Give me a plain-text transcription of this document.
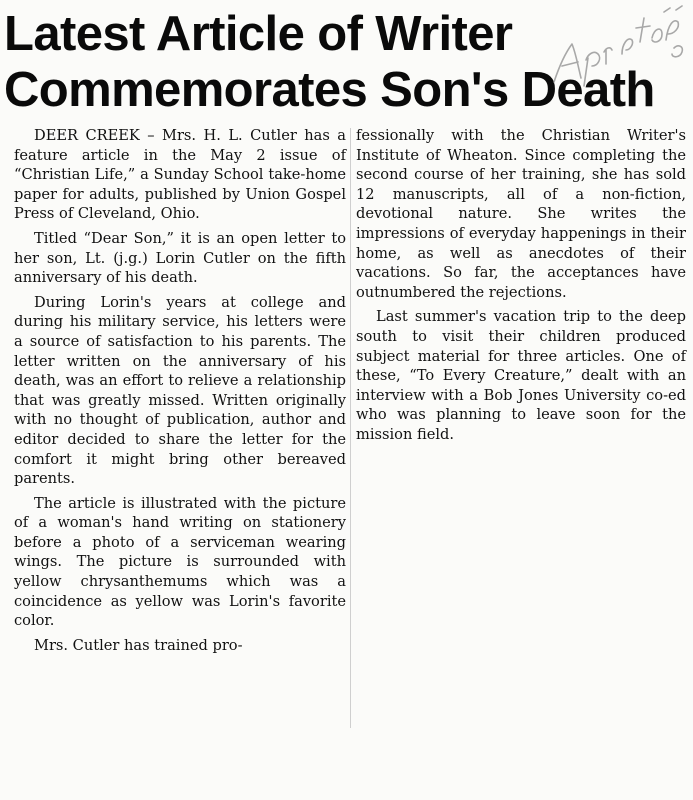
Latest Article of Writer
Commemorates Son's Death

DEER CREEK – Mrs. H. L. Cutler has a feature article in the May 2 issue of “Christian Life,” a Sunday School take-home paper for adults, published by Union Gospel Press of Cleveland, Ohio.

Titled “Dear Son,” it is an open letter to her son, Lt. (j.g.) Lorin Cutler on the fifth anniversary of his death.

During Lorin's years at college and during his military service, his letters were a source of satisfaction to his parents. The letter written on the anniversary of his death, was an effort to relieve a relationship that was greatly missed. Written originally with no thought of publication, author and editor decided to share the letter for the comfort it might bring other bereaved parents.

The article is illustrated with the picture of a woman's hand writing on stationery before a photo of a serviceman wearing wings. The picture is surrounded with yellow chrysanthemums which was a coincidence as yellow was Lorin's favorite color.

Mrs. Cutler has trained pro-

fessionally with the Christian Writer's Institute of Wheaton. Since completing the second course of her training, she has sold 12 manuscripts, all of a non-fiction, devotional nature. She writes the impressions of everyday happenings in their home, as well as anecdotes of their vacations. So far, the acceptances have outnumbered the rejections.

Last summer's vacation trip to the deep south to visit their children produced subject material for three articles. One of these, “To Every Creature,” dealt with an interview with a Bob Jones University co-ed who was planning to leave soon for the mission field.
